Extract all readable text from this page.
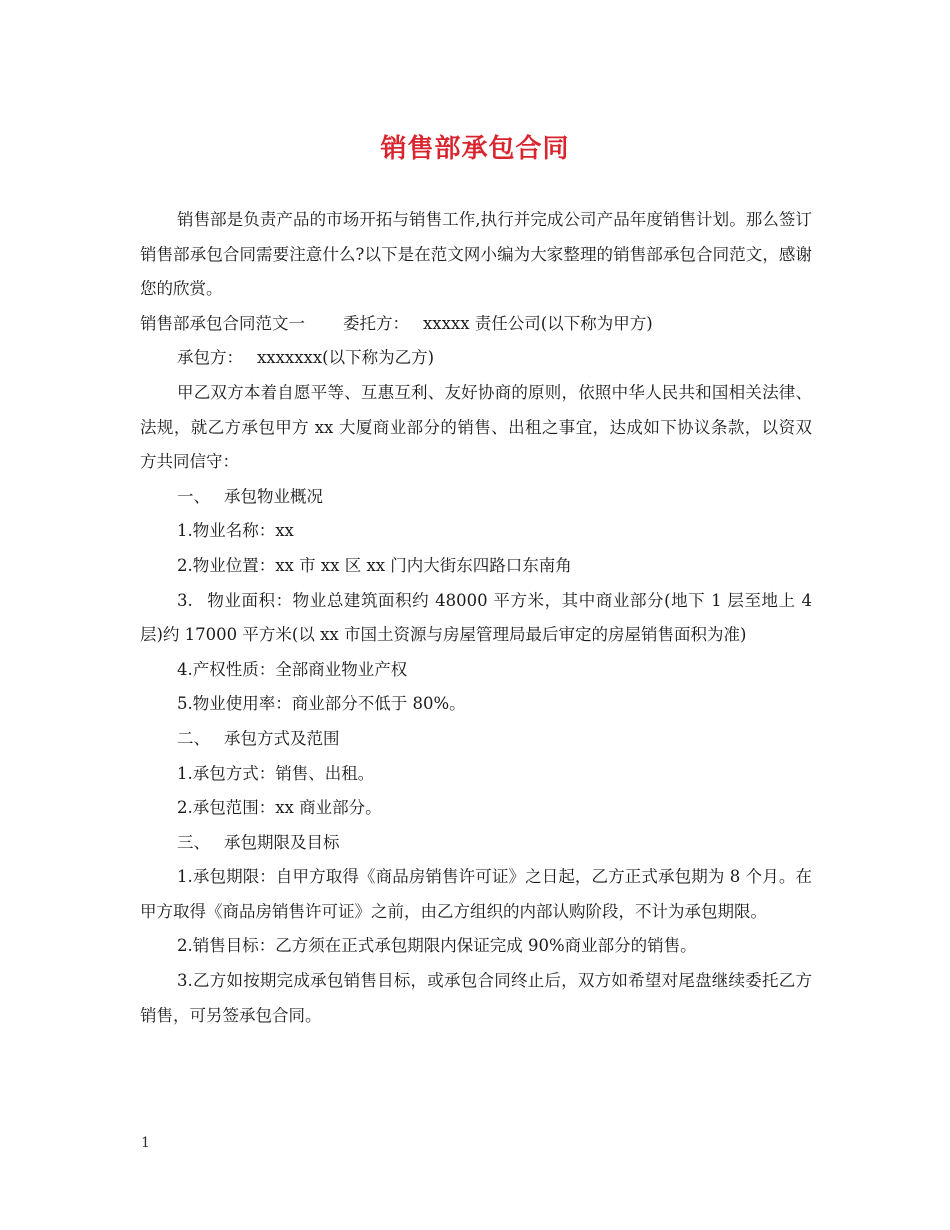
销售部承包合同

销售部是负责产品的市场开拓与销售工作,执行并完成公司产品年度销售计划。那么签订销售部承包合同需要注意什么?以下是在范文网小编为大家整理的销售部承包合同范文，感谢您的欣赏。

销售部承包合同范文一 委托方： xxxxx 责任公司(以下称为甲方)

承包方： xxxxxxx(以下称为乙方)

甲乙双方本着自愿平等、互惠互利、友好协商的原则，依照中华人民共和国相关法律、法规，就乙方承包甲方 xx 大厦商业部分的销售、出租之事宜，达成如下协议条款，以资双方共同信守：

一、 承包物业概况

1.物业名称：xx

2.物业位置：xx 市 xx 区 xx 门内大街东四路口东南角

3. 物业面积：物业总建筑面积约 48000 平方米，其中商业部分(地下 1 层至地上 4 层)约 17000 平方米(以 xx 市国土资源与房屋管理局最后审定的房屋销售面积为准)

4.产权性质：全部商业物业产权

5.物业使用率：商业部分不低于 80%。

二、 承包方式及范围

1.承包方式：销售、出租。

2.承包范围：xx 商业部分。

三、 承包期限及目标

1.承包期限：自甲方取得《商品房销售许可证》之日起，乙方正式承包期为 8 个月。在甲方取得《商品房销售许可证》之前，由乙方组织的内部认购阶段，不计为承包期限。

2.销售目标：乙方须在正式承包期限内保证完成 90%商业部分的销售。

3.乙方如按期完成承包销售目标，或承包合同终止后，双方如希望对尾盘继续委托乙方销售，可另签承包合同。

1
